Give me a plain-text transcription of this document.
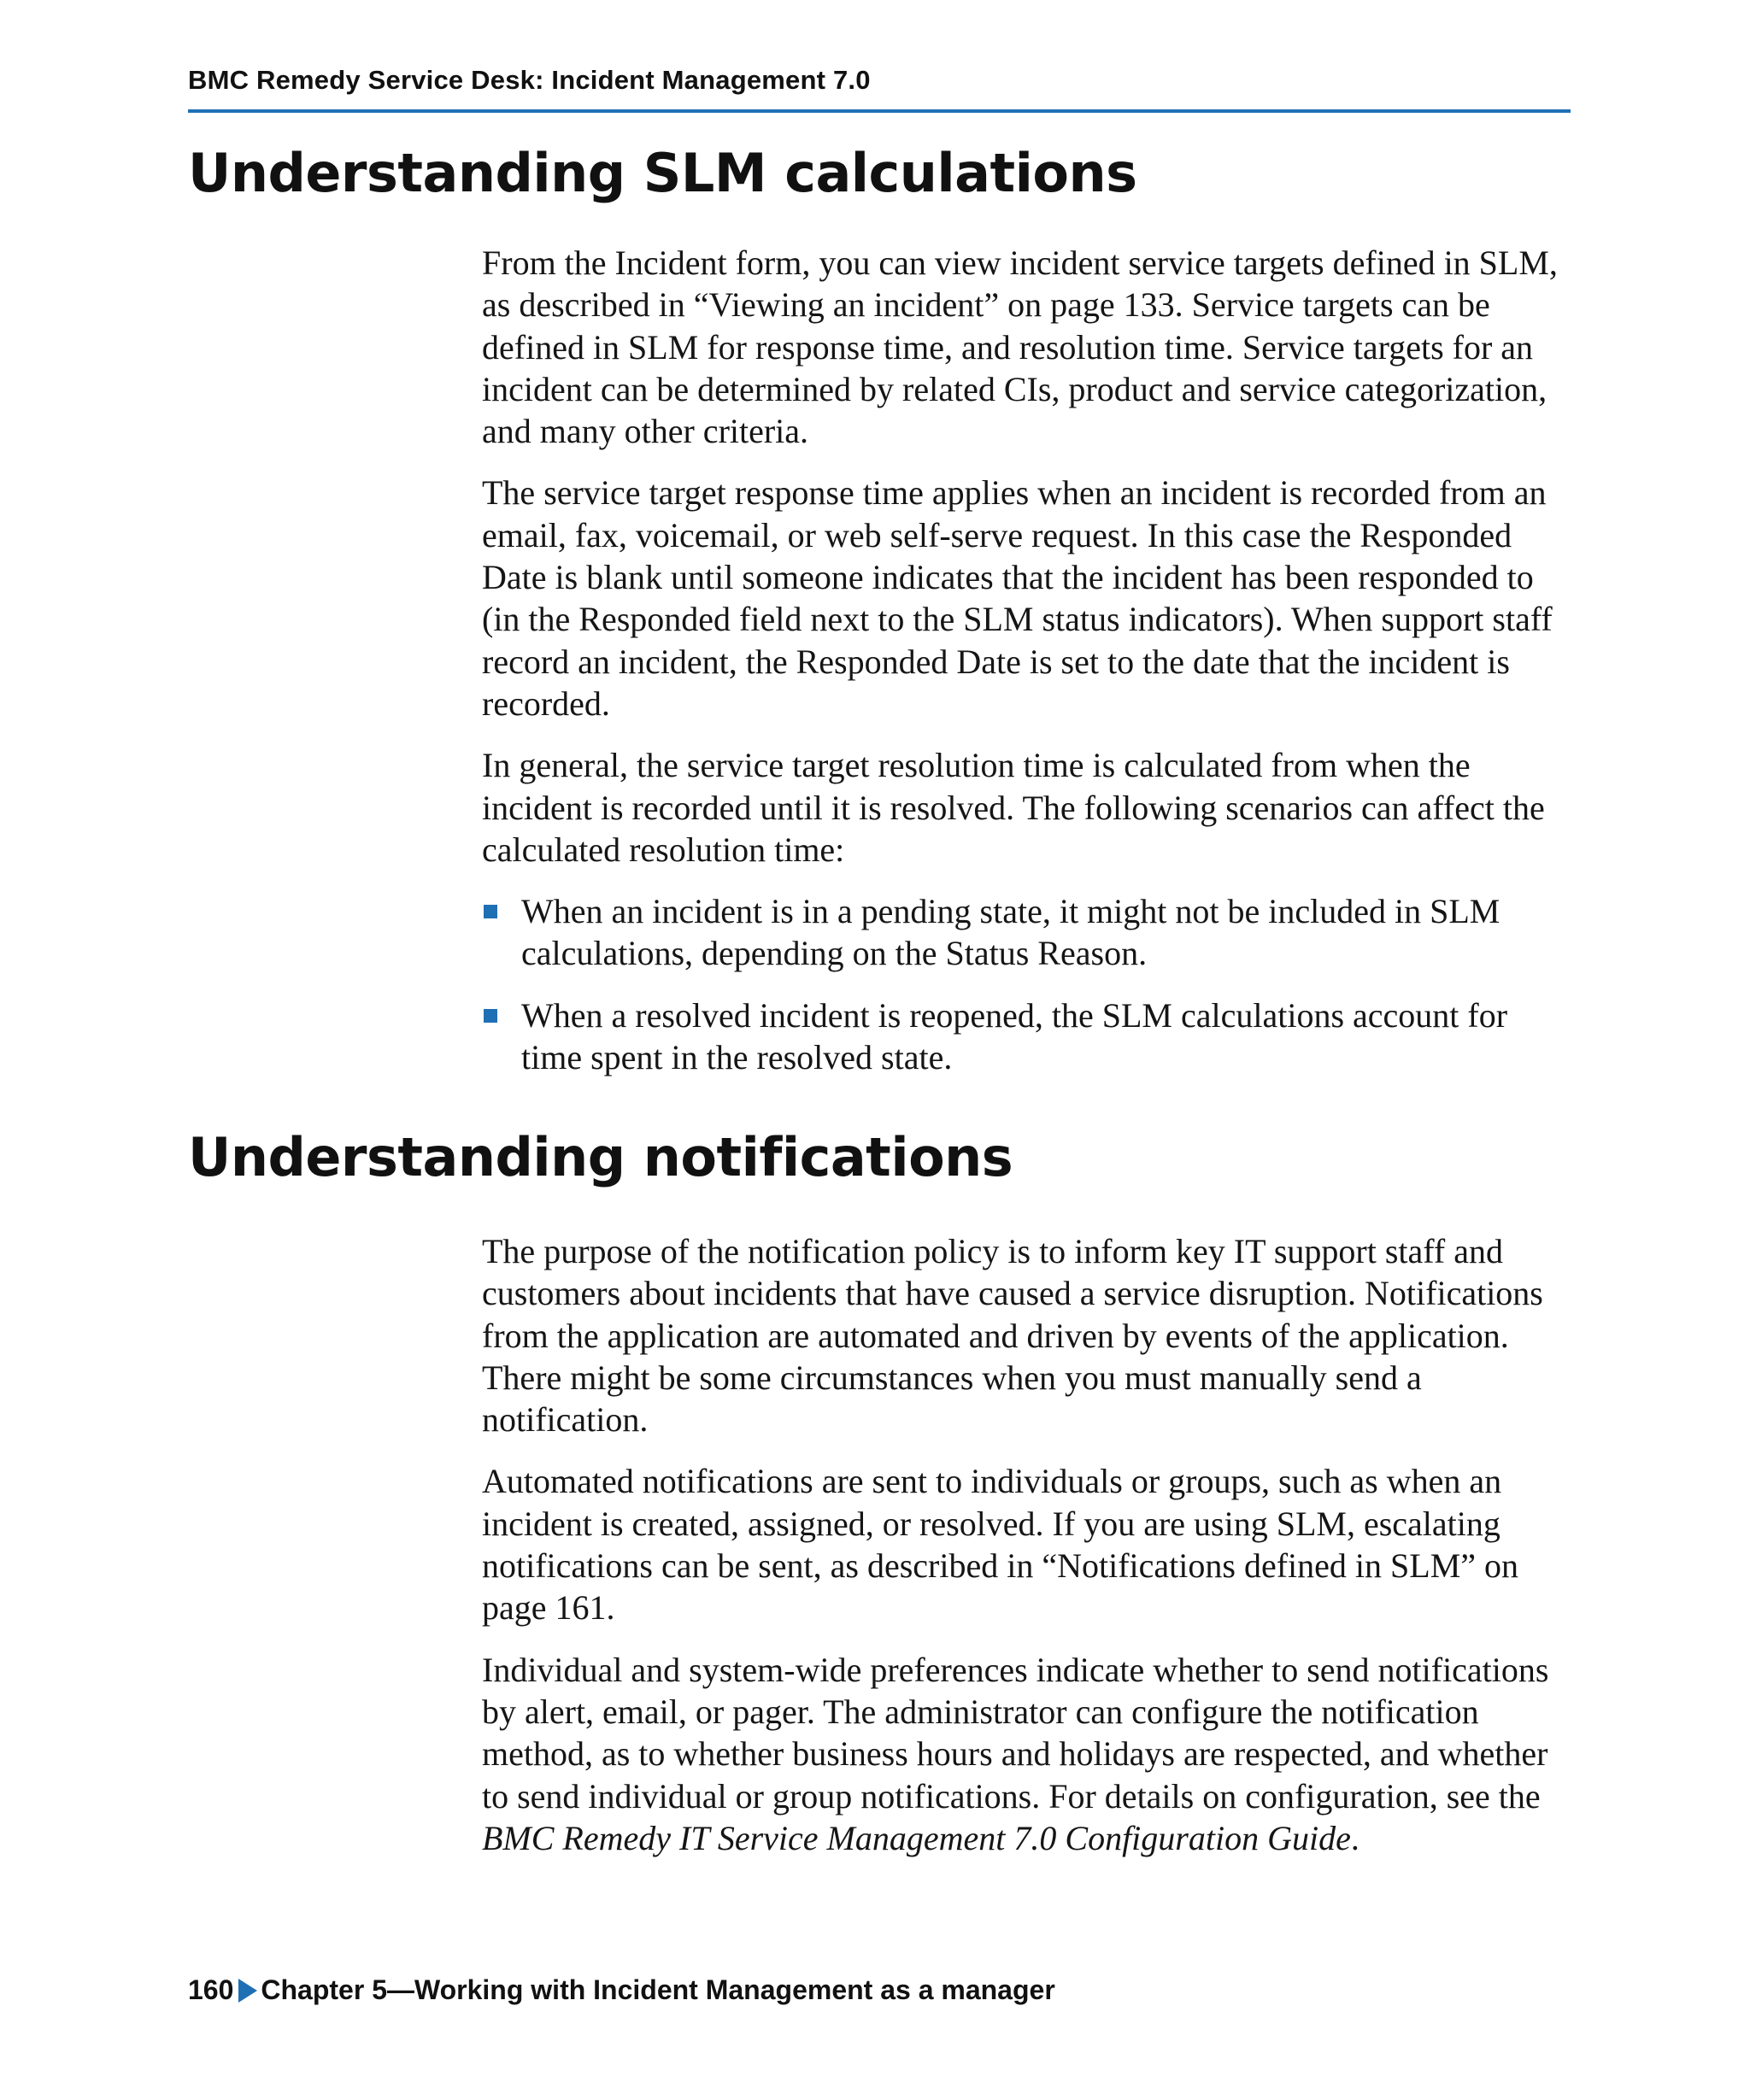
BMC Remedy Service Desk: Incident Management 7.0
Understanding SLM calculations

From the Incident form, you can view incident service targets defined in SLM, as described in “Viewing an incident” on page 133. Service targets can be defined in SLM for response time, and resolution time. Service targets for an incident can be determined by related CIs, product and service categorization, and many other criteria.

The service target response time applies when an incident is recorded from an email, fax, voicemail, or web self-serve request. In this case the Responded Date is blank until someone indicates that the incident has been responded to (in the Responded field next to the SLM status indicators). When support staff record an incident, the Responded Date is set to the date that the incident is recorded.

In general, the service target resolution time is calculated from when the incident is recorded until it is resolved. The following scenarios can affect the calculated resolution time:

When an incident is in a pending state, it might not be included in SLM calculations, depending on the Status Reason.
When a resolved incident is reopened, the SLM calculations account for time spent in the resolved state.
Understanding notifications

The purpose of the notification policy is to inform key IT support staff and customers about incidents that have caused a service disruption. Notifications from the application are automated and driven by events of the application. There might be some circumstances when you must manually send a notification.

Automated notifications are sent to individuals or groups, such as when an incident is created, assigned, or resolved. If you are using SLM, escalating notifications can be sent, as described in “Notifications defined in SLM” on page 161.

Individual and system-wide preferences indicate whether to send notifications by alert, email, or pager. The administrator can configure the notification method, as to whether business hours and holidays are respected, and whether to send individual or group notifications. For details on configuration, see the BMC Remedy IT Service Management 7.0 Configuration Guide.

160 Chapter 5—Working with Incident Management as a manager
